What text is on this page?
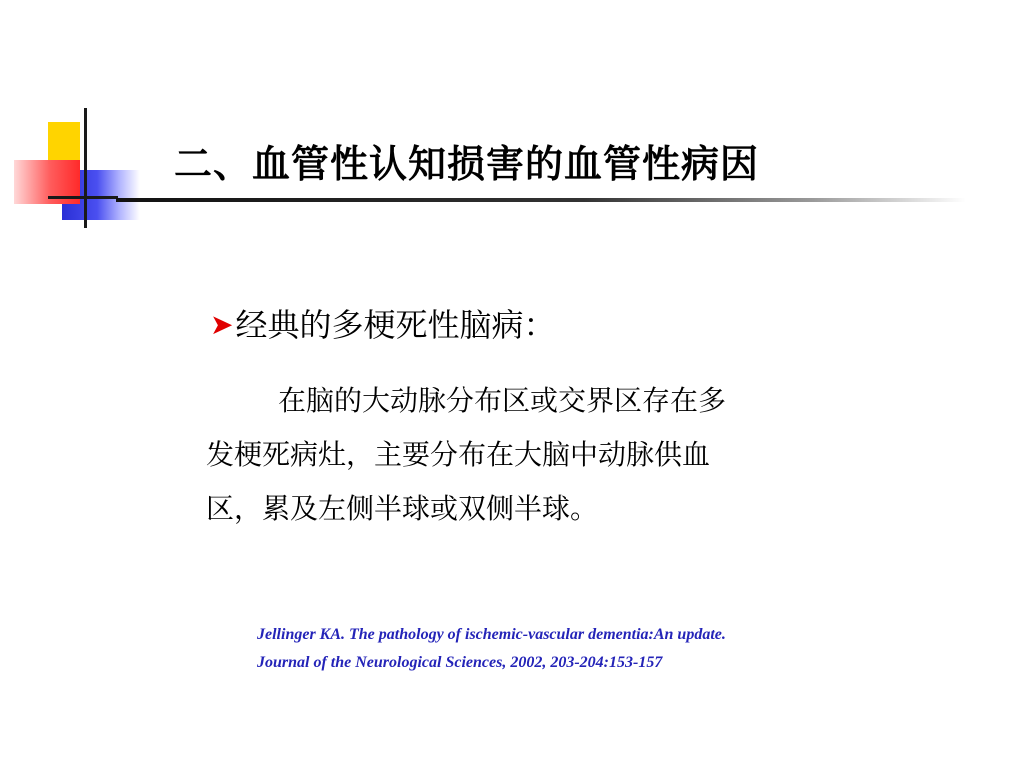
二、血管性认知损害的血管性病因
➤经典的多梗死性脑病：
在脑的大动脉分布区或交界区存在多
发梗死病灶，主要分布在大脑中动脉供血
区，累及左侧半球或双侧半球。
Jellinger KA. The pathology of ischemic-vascular dementia:An update.
Journal of the Neurological Sciences, 2002, 203-204:153-157
